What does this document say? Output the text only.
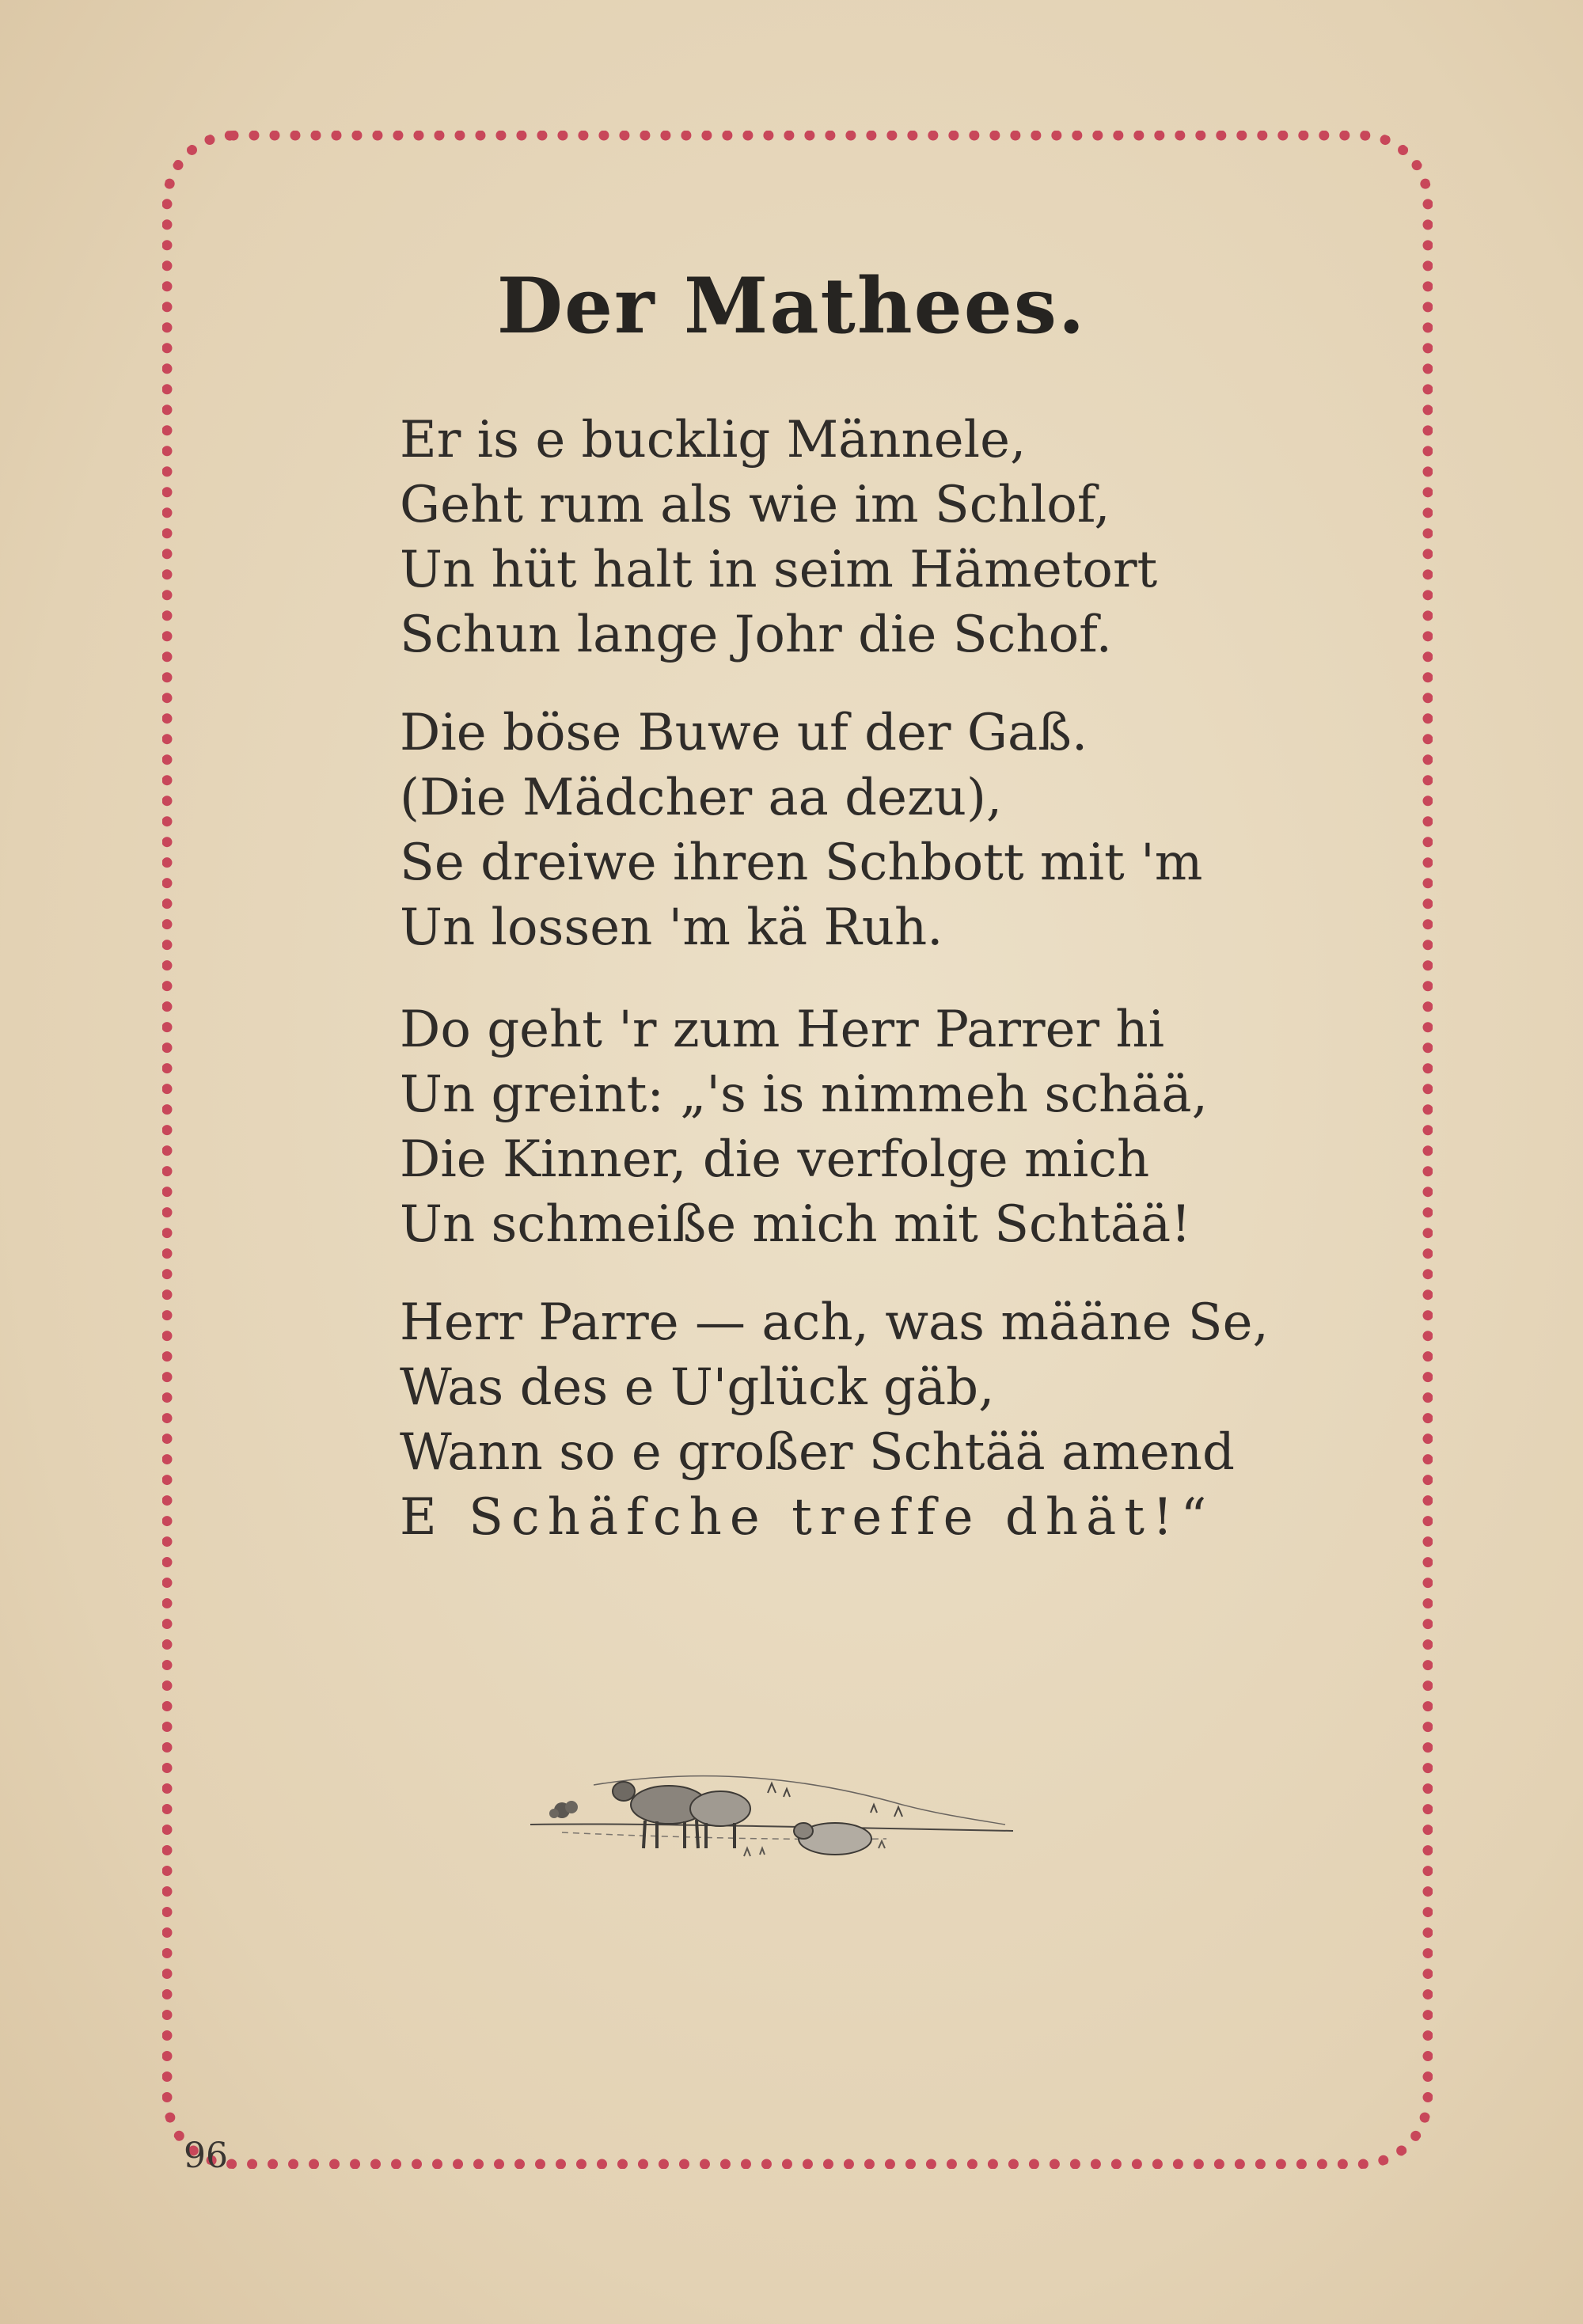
Der Mathees.
Er is e bucklig Männele,
Geht rum als wie im Schlof,
Un hüt halt in seim Hämetort
Schun lange Johr die Schof.
Die böse Buwe uf der Gaß.
(Die Mädcher aa dezu),
Se dreiwe ihren Schbott mit 'm
Un lossen 'm kä Ruh.
Do geht 'r zum Herr Parrer hi
Un greint: „'s is nimmeh schää,
Die Kinner, die verfolge mich
Un schmeiße mich mit Schtää!
Herr Parre — ach, was määne Se,
Was des e U'glück gäb,
Wann so e großer Schtää amend
E Schäfche treffe dhät!“
96
